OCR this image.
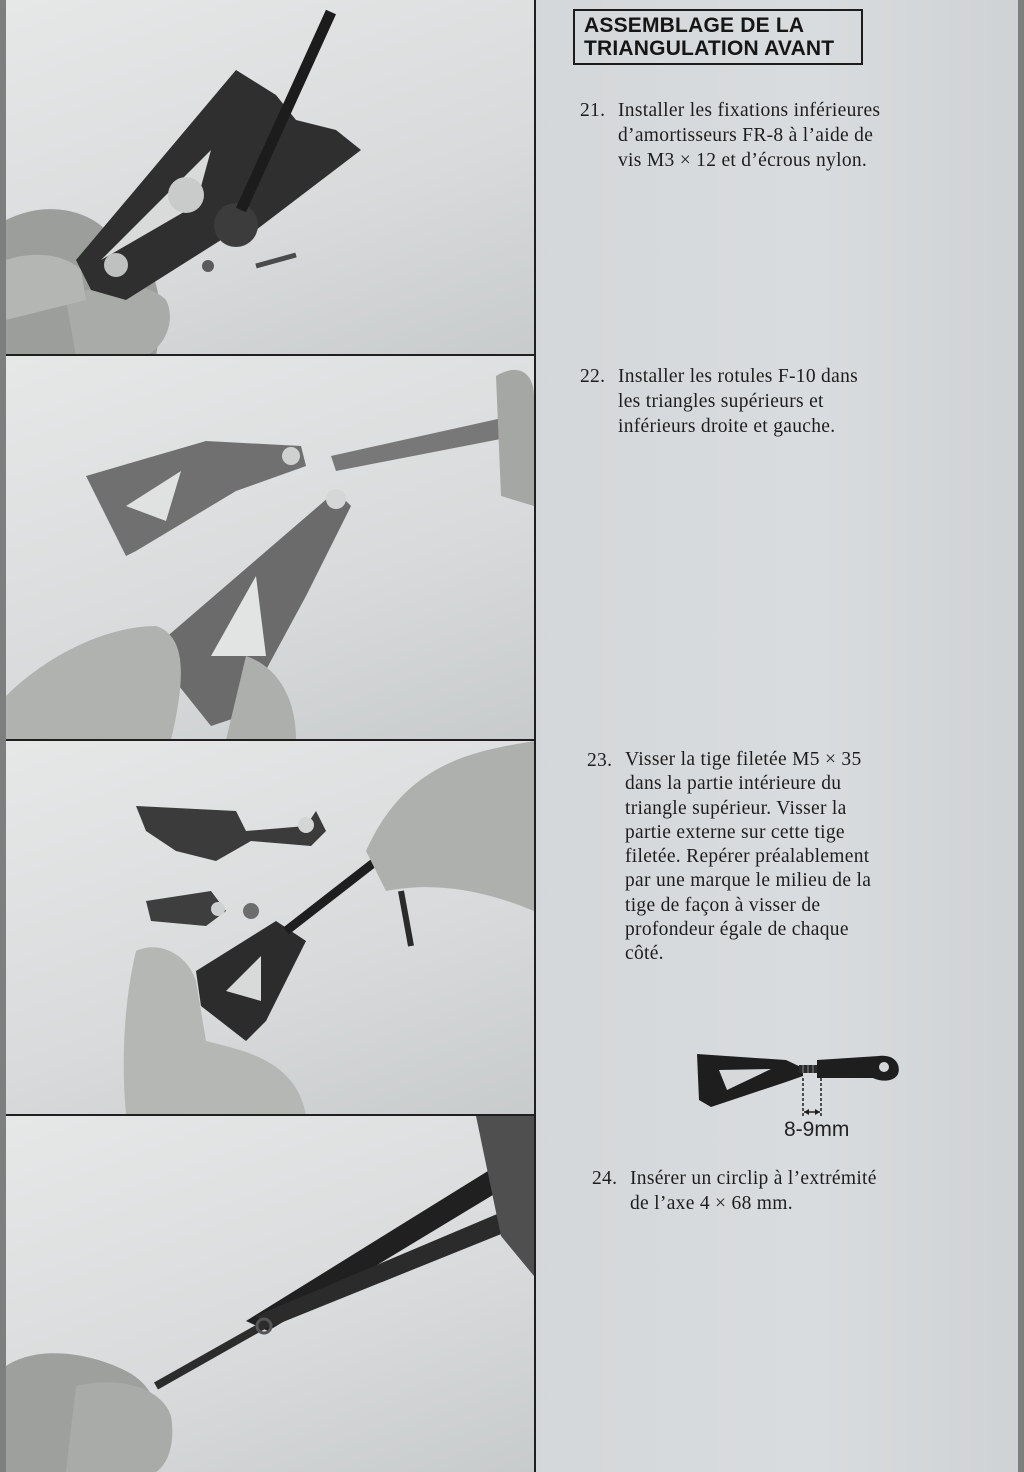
ASSEMBLAGE DE LA
TRIANGULATION AVANT
21. Installer les fixations inférieures
d’amortisseurs FR-8 à l’aide de
vis M3 × 12 et d’écrous nylon.
22. Installer les rotules F-10 dans
les triangles supérieurs et
inférieurs droite et gauche.
23. Visser la tige filetée M5 × 35
dans la partie intérieure du
triangle supérieur. Visser la
partie externe sur cette tige
filetée. Repérer préalablement
par une marque le milieu de la
tige de façon à visser de
profondeur égale de chaque
côté.
8-9mm
24. Insérer un circlip à l’extrémité
de l’axe 4 × 68 mm.
